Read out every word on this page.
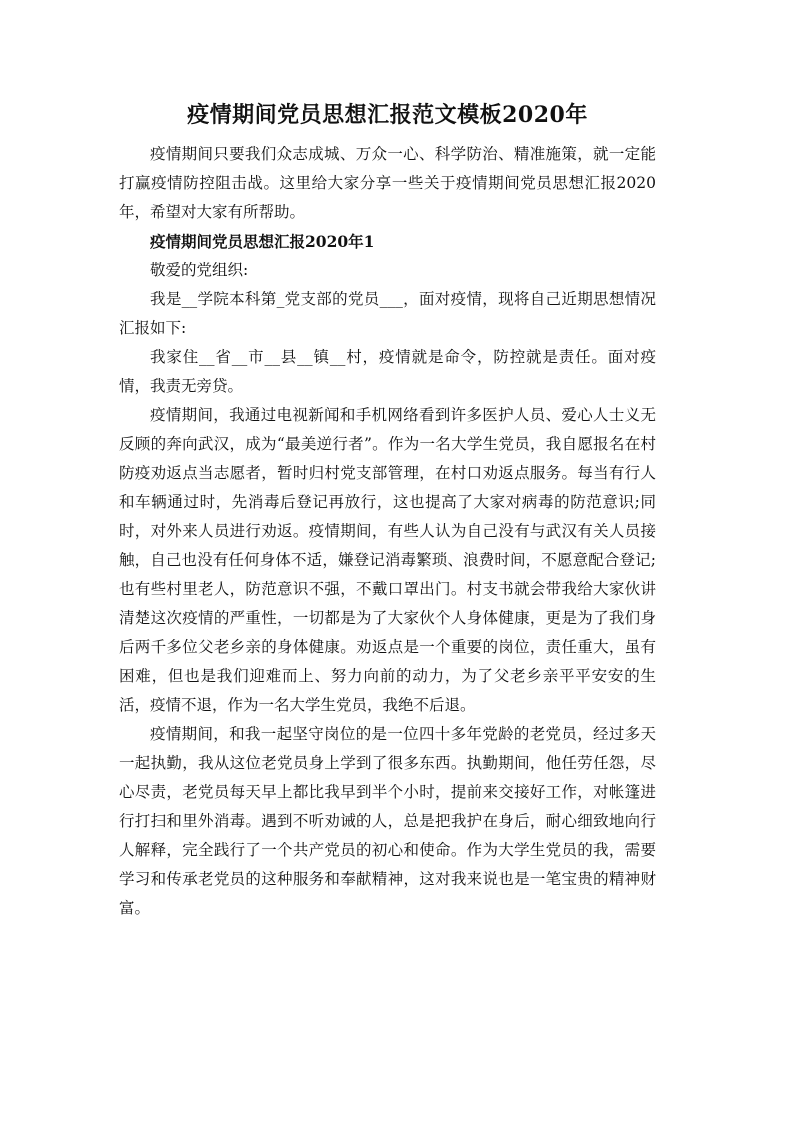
疫情期间党员思想汇报范文模板2020年

疫情期间只要我们众志成城、万众一心、科学防治、精准施策，就一定能打赢疫情防控阻击战。这里给大家分享一些关于疫情期间党员思想汇报2020年，希望对大家有所帮助。

疫情期间党员思想汇报2020年1

敬爱的党组织:

我是__学院本科第_党支部的党员___，面对疫情，现将自己近期思想情况汇报如下:

我家住__省__市__县__镇__村，疫情就是命令，防控就是责任。面对疫情，我责无旁贷。

疫情期间，我通过电视新闻和手机网络看到许多医护人员、爱心人士义无反顾的奔向武汉，成为“最美逆行者”。作为一名大学生党员，我自愿报名在村防疫劝返点当志愿者，暂时归村党支部管理，在村口劝返点服务。每当有行人和车辆通过时，先消毒后登记再放行，这也提高了大家对病毒的防范意识;同时，对外来人员进行劝返。疫情期间，有些人认为自己没有与武汉有关人员接触，自己也没有任何身体不适，嫌登记消毒繁琐、浪费时间，不愿意配合登记;也有些村里老人，防范意识不强，不戴口罩出门。村支书就会带我给大家伙讲清楚这次疫情的严重性，一切都是为了大家伙个人身体健康，更是为了我们身后两千多位父老乡亲的身体健康。劝返点是一个重要的岗位，责任重大，虽有困难，但也是我们迎难而上、努力向前的动力，为了父老乡亲平平安安的生活，疫情不退，作为一名大学生党员，我绝不后退。

疫情期间，和我一起坚守岗位的是一位四十多年党龄的老党员，经过多天一起执勤，我从这位老党员身上学到了很多东西。执勤期间，他任劳任怨，尽心尽责，老党员每天早上都比我早到半个小时，提前来交接好工作，对帐篷进行打扫和里外消毒。遇到不听劝诫的人，总是把我护在身后，耐心细致地向行人解释，完全践行了一个共产党员的初心和使命。作为大学生党员的我，需要学习和传承老党员的这种服务和奉献精神，这对我来说也是一笔宝贵的精神财富。
